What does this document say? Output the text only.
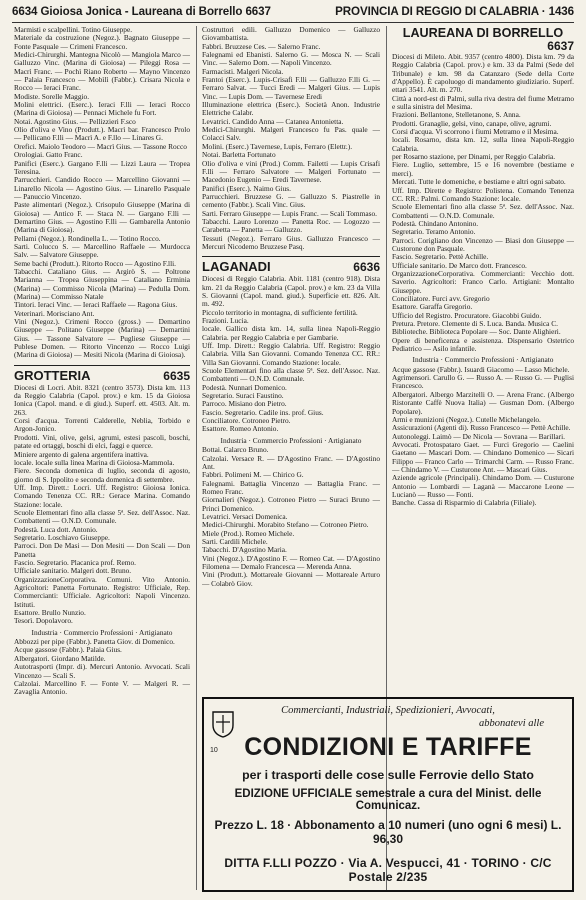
6634 Gioiosa Jonica - Laureana di Borrello 6637	PROVINCIA DI REGGIO DI CALABRIA · 1436

Marmisti e scalpellini. Totino Giuseppe.

Materiale da costruzione (Negoz.). Bagnato Giuseppe — Fonte Pasquale — Crimeni Francesco.

Medici-Chirurghi. Mantegna Nicolò — Mangiola Marco — Galluzzo Vinc. (Marina di Gioiosa) — Pileggi Rosa — Macrì Franc. — Pochì Riano Roberto — Mayno Vincenzo — Palaia Francesco — Mobìlì (Fabbr.). Crisara Nicola e Rocco — Ieraci Franc.

Modiste. Sorelle Maggio.

Molini elettrici. (Eserc.). Ieraci F.lli — Ieraci Rocco (Marina di Gioiosa) — Pennaci Michele fu Fort.

Notai. Agostino Gius. — Pellizzieri F.sco

Olio d'oliva e Vino (Produtt.). Macrì bar. Francesco Prolo — Pellicano F.lli — Macrì A. e F.llo — Linares G.

Orefici. Maiolo Teodoro — Macrì Gius. — Tassone Rocco

Orologiai. Gatto Franc.

Panifici (Eserc.). Gargano F.lli — Lizzi Laura — Tropea Teresina.

Parrucchieri. Candido Rocco — Marcellino Giovanni — Linarello Nicola — Agostino Gius. — Linarello Pasquale — Panuccio Vincenzo.

Paste alimentari (Negoz.). Crisopulo Giuseppe (Marina di Gioiosa) — Antico F. — Staca N. — Gargano F.lli — Demartino Gius. — Agostino F.lli — Gambarella Antonio (Marina di Gioiosa).

Pellami (Negoz.). Rondinella L. — Totino Rocco.

Sarti. Colucco S. — Marcellino Raffaele — Murdocca Salv. — Salvatore Giuseppe.

Seme bachi (Produtt.). Ritorto Rocco — Agostino F.lli.

Tabacchi. Cataliano Gius. — Argirò S. — Poltrone Marianna — Tropea Giuseppina — Cataliano Erminia (Marina) — Commisso Nicola (Marina) — Pedulla Dom. (Marina) — Commisso Natale

Tintori. Ieraci Vinc. — Ieraci Raffaele — Ragona Gius.

Veterinari. Morisciano Ant.

Vini (Negoz.). Crimeni Rocco (gross.) — Demartino Giuseppe — Politano Giuseppe (Marina) — Demartini Gius. — Tassone Salvatore — Pugliese Giuseppe — Publese Domen. — Ritorto Vincenzo — Rocco Luigi (Marina di Gioiosa) — Mesiti Nicola (Marina di Gioiosa).

GROTTERIA	6635

Diocesi di Locri. Abit. 8321 (centro 3573). Dista km. 113 da Reggio Calabria (Capol. prov.) e km. 15 da Gioiosa Ionica (Capol. mand. e di giud.). Superf. ett. 4503. Alt. m. 263.

Corsi d'acqua. Torrenti Calderelle, Neblia, Torbido e Argon-Jonico.

Prodotti. Vini, olive, gelsi, agrumi, estesi pascoli, boschi, patate ed ortaggi, boschi di elci, faggi e querce.

Miniere argento di galena argentifera inattiva.

locale. locale sulla linea Marina di Gioiosa-Mammola.

Fiere. Seconda domenica di luglio, seconda di agosto, giorno di S. Ippolito e seconda domenica di settembre.

Uff. Imp. Dirett.: Locri. Uff. Registro: Gioiosa Ionica. Comando Tenenza CC. RR.: Gerace Marina. Comando Stazione: locale.

Scuole Elementari fino alla classe 5ª. Sez. dell'Assoc. Naz. Combattenti — O.N.D. Comunale.

Podestà. Luca dott. Antonio.

Segretario. Loschiavo Giuseppe.

Parroci. Don De Masi — Don Mesiti — Don Scali — Don Panetta

Fascio. Segretario. Placanica prof. Remo.

Ufficiale sanitario. Malgeri dott. Bruno.

OrganizzazioneCorporativa. Comuni. Vito Antonio. Agricoltori: Panetta Fortunato. Registro: Ufficiale, Rep. Commercianti: Ufficiale. Agricoltori: Napoli Vincenzo. Istituti.

Esattore. Brullo Nunzio.

Tesorì. Dopolavoro.

Industria · Commercio Professioni · Artigianato

Abbozzi per pipe (Fabbr.). Panetta Giov. di Domenico.

Acque gassose (Fabbr.). Palaia Gius.

Albergatori. Giordano Matilde.

Autotrasporti (Impr. di). Mercuri Antonio. Avvocati. Scali Vincenzo — Scali S.

Calzolai. Marcellino F. — Fonte V. — Malgeri R. — Zavaglia Antonio.

Costruttori edili. Galluzzo Domenico — Galluzzo Giovambattista.

Fabbri. Bruzzese Ces. — Salerno Franc.

Falegnami ed Ebanisti. Salerno G. — Mosca N. — Scali Vinc. — Salerno Dom. — Napoli Vincenzo.

Farmacisti. Malgeri Nicola.

Frantoi (Eserc.). Lupis-Crisafi F.lli — Galluzzo F.lli G. — Ferraro Salvat. — Tucci Eredi — Malgeri Gius. — Lupis Vinc. — Lupis Dom. — Tavernese Eredi

Illuminazione elettrica (Eserc.). Società Anon. Industrie Elettriche Calabr.

Levatrici. Candido Anna — Catanea Antonietta.

Medici-Chirurghi. Malgeri Francesco fu Pas. quale — Colacci Salv.

Molini. (Eserc.) Tavernese, Lupis, Ferraro (Elettr.).

Notai. Barletta Fortunato

Olio d'oliva e vini (Prod.) Comm. Failetti — Lupis Crisafi F.lli — Ferraro Salvatore — Malgeri Fortunato — Macedonio Eugenio — Eredi Tavernese.

Panifici (Eserc.). Naimo Gius.

Parrucchieri. Bruzzese G. — Galluzzo S. Piastrelle in cemento (Fabbr.). Scali Vinc. Gius.

Sarti. Ferraro Giuseppe — Lupis Franc. — Scali Tommaso.

Tabacchi. Lauro Lorenzo — Panetta Roc. — Logozzo — Carabetta — Panetta — Galluzzo.

Tessuti (Negoz.). Ferraro Gius. Galluzzo Francesco — Mercuri Nicodemo Bruzzese Pasq.

LAGANADI	6636

Diocesi di Reggio Calabria. Abit. 1181 (centro 918). Dista km. 21 da Reggio Calabria (Capol. prov.) e km. 23 da Villa S. Giovanni (Capol. mand. giud.). Superficie ett. 826. Alt. m. 492.

Piccolo territorio in montagna, di sufficiente fertilità.

Frazioni. Lucia.

locale. Gallico dista km. 14, sulla linea Napoli-Reggio Calabria. per Reggio Calabria e per Gambarie.

Uff. Imp. Dirett.: Reggio Calabria. Uff. Registro: Reggio Calabria. Villa San Giovanni. Comando Tenenza CC. RR.: Villa San Giovanni. Comando Stazione: locale.

Scuole Elementari fino alla classe 5ª. Sez. dell'Assoc. Naz. Combattenti — O.N.D. Comunale.

Podestà. Nunnari Domenico.

Segretario. Suraci Faustino.

Parroco. Misiano don Pietro.

Fascio. Segretario. Cadile ins. prof. Gius.

Conciliatore. Cotroneo Pietro.

Esattore. Romeo Antonio.

Industria · Commercio Professioni · Artigianato

Bottai. Calarco Bruno.

Calzolai. Versace R. — D'Agostino Franc. — D'Agostino Ant.

Fabbri. Polimeni M. — Chirico G.

Falegnami. Battaglia Vincenzo — Battaglia Franc. — Romeo Franc.

Giornalieri (Negoz.). Cotroneo Pietro — Suraci Bruno — Princi Domenico.

Levatrici. Versaci Domenica.

Medici-Chirurghi. Morabito Stefano — Cotroneo Pietro.

Miele (Prod.). Romeo Michele.

Sarti. Cardili Michele.

Tabacchi. D'Agostino Maria.

Vini (Negoz.). D'Agostino F. — Romeo Cat. — D'Agostino Filomena — Demalo Francesca — Merenda Anna.

Vini (Produtt.). Mottareale Giovanni — Mottareale Arturo — Colabrò Giov.

LAUREANA DI BORRELLO
6637

Diocesi di Mileto. Abit. 9357 (centro 4800). Dista km. 79 da Reggio Calabria (Capol. prov.) e km. 33 da Palmi (Sede del Tribunale) e km. 98 da Catanzaro (Sede della Corte d'Appello). È capoluogo di mandamento giudiziario. Superf. ettari 3541. Alt. m. 270.

Città a nord-est di Palmi, sulla riva destra del fiume Metramo e sulla sinistra del Mesima.

Frazioni. Bellantone, Stelletanone, S. Anna.

Prodotti. Granaglie, gelsi, vino, canape, olive, agrumi.

Corsi d'acqua. Vi scorrono i fiumi Metramo e il Mesima.

locali. Rosarno, dista km. 12, sulla linea Napoli-Reggio Calabria.

per Rosarno stazione, per Dinami, per Reggio Calabria.

Fiere. Luglio, settembre, 15 e 16 novembre (bestiame e merci).

Mercati. Tutte le domeniche, e bestiame e altri ogni sabato.

Uff. Imp. Dirette e Registro: Polistena. Comando Tenenza CC. RR.: Palmi. Comando Stazione: locale.

Scuole Elementari fino alla classe 5ª. Sez. dell'Assoc. Naz. Combattenti — O.N.D. Comunale.

Podestà. Chindano Antonino.

Segretario. Teramo Antonio.

Parroci. Corigliano don Vincenzo — Biasi don Giuseppe — Custorone don Pasquale.

Fascio. Segretario. Pettè Achille.

Ufficiale sanitario. De Marco dott. Francesco.

OrganizzazioneCorporativa. Commercianti: Vecchio dott. Saverio. Agricoltori: Franco Carlo. Artigiani: Montalto Giuseppe.

Conciliatore. Furci avv. Gregorio

Esattore. Garaffa Gregorio.

Ufficio del Registro. Procuratore. Giacobbi Guido.

Pretura. Pretore. Clemente di S. Luca. Banda. Musica C.

Biblioteche. Biblioteca Popolare — Soc. Dante Alighieri.

Opere di beneficenza e assistenza. Dispensario Ostetrico Pediatrico — Asilo infantile.

Industria · Commercio Professioni · Artigianato

Acque gassose (Fabbr.). Isuardi Giacomo — Lasso Michele.

Agrimensori. Carullo G. — Russo A. — Russo G. — Puglisi Francesco.

Albergatori. Albergo Marzitelli O. — Arena Franc. (Albergo Ristorante Caffè Nuova Italia) — Gusman Dom. (Albergo Popolare).

Armi e munizioni (Negoz.). Cutelle Michelangelo.

Assicurazioni (Agenti di). Russo Francesco — Pettè Achille.

Autonoleggi. Laimò — De Nicola — Sovrana — Barillari.

Avvocati. Protospataro Gaet. — Furci Gregorio — Caelini Gaetano — Mascari Dom. — Chindano Domenico — Sicari Filippo — Franco Carlo — Trimarchi Carm. — Russo Franc. — Chindamo V. — Custurone Ant. — Mascari Gius.

Aziende agricole (Principali). Chindamo Dom. — Custurone Antonio — Lombardi — Laganà — Maccarone Leone — Lucianò — Russo — Fonti.

Banche. Cassa di Risparmio di Calabria (Filiale).

10
Commercianti, Industriali, Spedizionieri, Avvocati,
abbonatevi alle
CONDIZIONI E TARIFFE
per i trasporti delle cose sulle Ferrovie dello Stato
EDIZIONE UFFICIALE semestrale a cura del Minist. delle Comunicaz.
Prezzo L. 18 · Abbonamento a 10 numeri (uno ogni 6 mesi) L. 96,30
DITTA F.LLI POZZO · Via A. Vespucci, 41 · TORINO · C/C Postale 2/235
